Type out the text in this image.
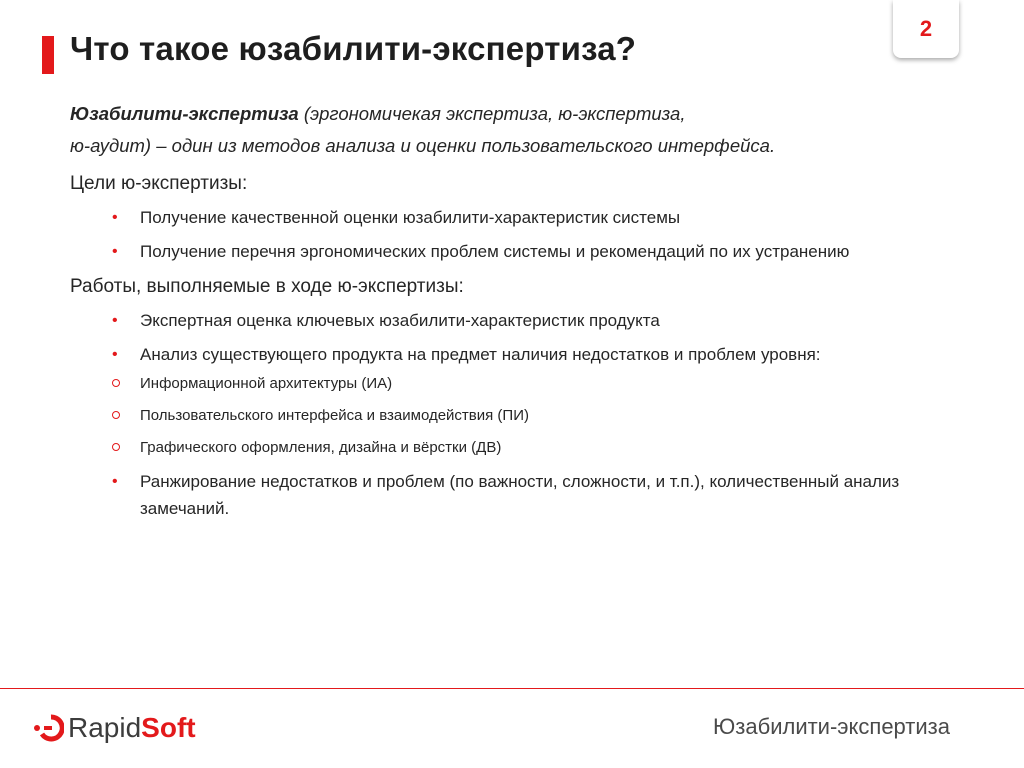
Что такое юзабилити-экспертиза?
2

Юзабилити-экспертиза (эргономичекая экспертиза, ю-экспертиза,
ю-аудит) – один из методов анализа и оценки пользовательского интерфейса.

Цели ю-экспертизы:
• Получение качественной оценки юзабилити-характеристик системы
• Получение перечня эргономических проблем системы и рекомендаций по их устранению
Работы, выполняемые в ходе ю-экспертизы:
• Экспертная оценка ключевых юзабилити-характеристик продукта
• Анализ существующего продукта на предмет наличия недостатков и проблем уровня:
Информационной архитектуры (ИА)
Пользовательского интерфейса и взаимодействия (ПИ)
Графического оформления, дизайна и вёрстки (ДВ)
• Ранжирование недостатков и проблем (по важности, сложности, и т.п.), количественный анализ замечаний.
Rapid Soft	Юзабилити-экспертиза
